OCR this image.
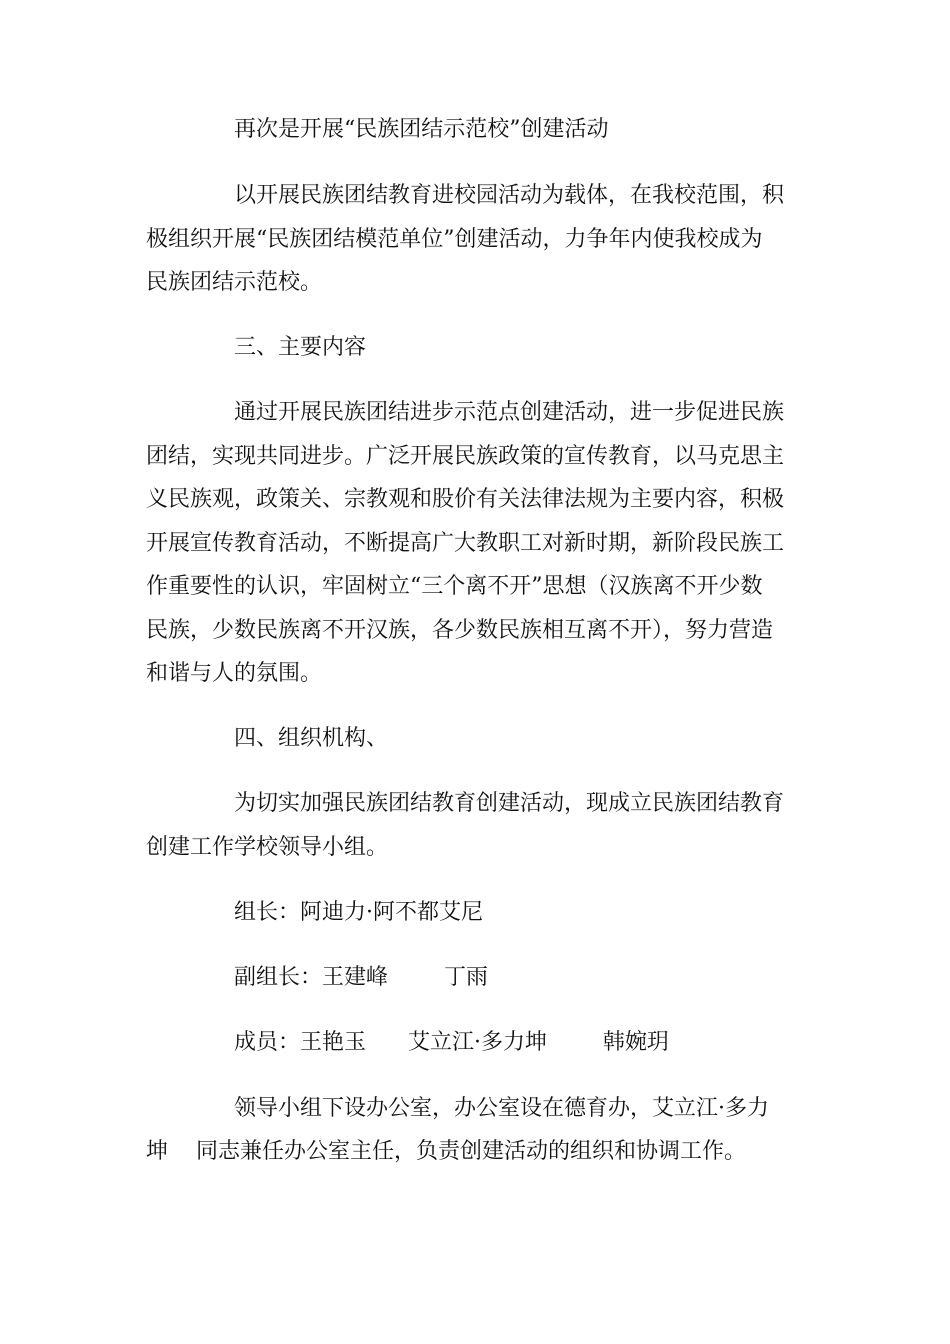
再次是开展“民族团结示范校”创建活动
以开展民族团结教育进校园活动为载体，在我校范围，积
极组织开展“民族团结模范单位”创建活动，力争年内使我校成为
民族团结示范校。
三、主要内容
通过开展民族团结进步示范点创建活动，进一步促进民族
团结，实现共同进步。广泛开展民族政策的宣传教育，以马克思主
义民族观，政策关、宗教观和股价有关法律法规为主要内容，积极
开展宣传教育活动，不断提高广大教职工对新时期，新阶段民族工
作重要性的认识，牢固树立“三个离不开”思想（汉族离不开少数
民族，少数民族离不开汉族，各少数民族相互离不开），努力营造
和谐与人的氛围。
四、组织机构、
为切实加强民族团结教育创建活动，现成立民族团结教育
创建工作学校领导小组。
组长：阿迪力·阿不都艾尼
副组长：王建峰        丁雨
成员：王艳玉      艾立江·多力坤        韩婉玥
领导小组下设办公室，办公室设在德育办，艾立江·多力
坤    同志兼任办公室主任，负责创建活动的组织和协调工作。
